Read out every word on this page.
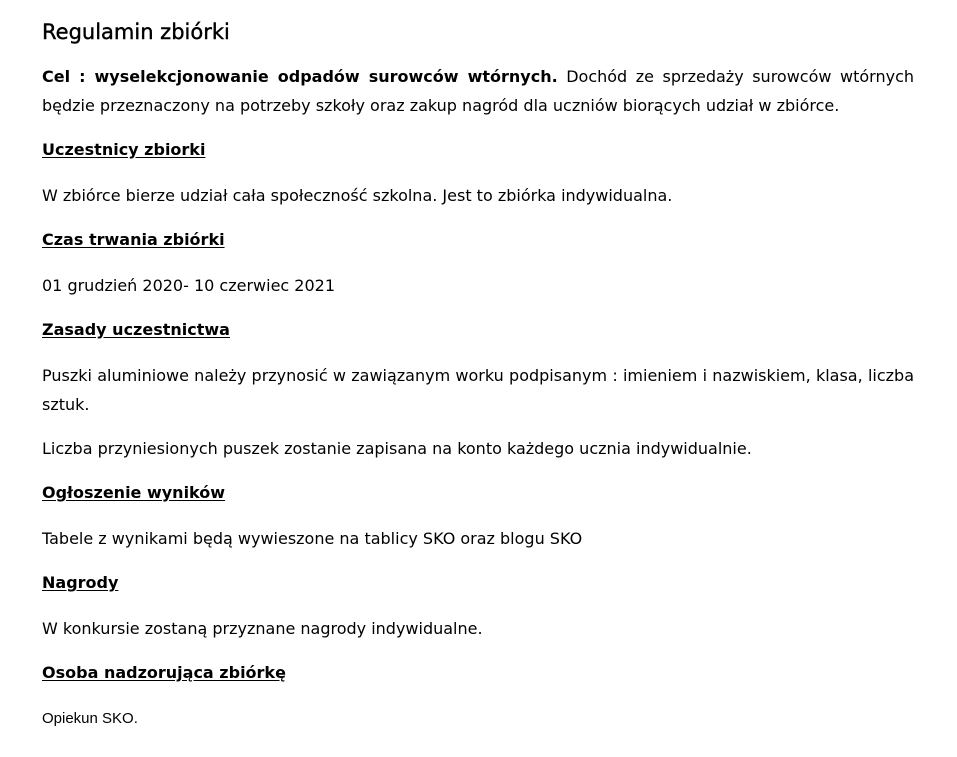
Regulamin zbiórki

Cel : wyselekcjonowanie odpadów surowców wtórnych. Dochód ze sprzedaży surowców wtórnych będzie przeznaczony na potrzeby szkoły oraz zakup nagród dla uczniów biorących udział w zbiórce.

Uczestnicy zbiorki

W zbiórce bierze udział cała społeczność szkolna. Jest to zbiórka indywidualna.

Czas trwania zbiórki

01 grudzień 2020- 10 czerwiec 2021

Zasady uczestnictwa

Puszki aluminiowe należy przynosić w zawiązanym worku podpisanym : imieniem i nazwiskiem, klasa, liczba sztuk.

Liczba przyniesionych puszek zostanie zapisana na konto każdego ucznia indywidualnie.

Ogłoszenie wyników

Tabele z wynikami będą wywieszone na tablicy SKO oraz blogu SKO

Nagrody

W konkursie zostaną przyznane nagrody indywidualne.

Osoba nadzorująca zbiórkę

Opiekun SKO.
